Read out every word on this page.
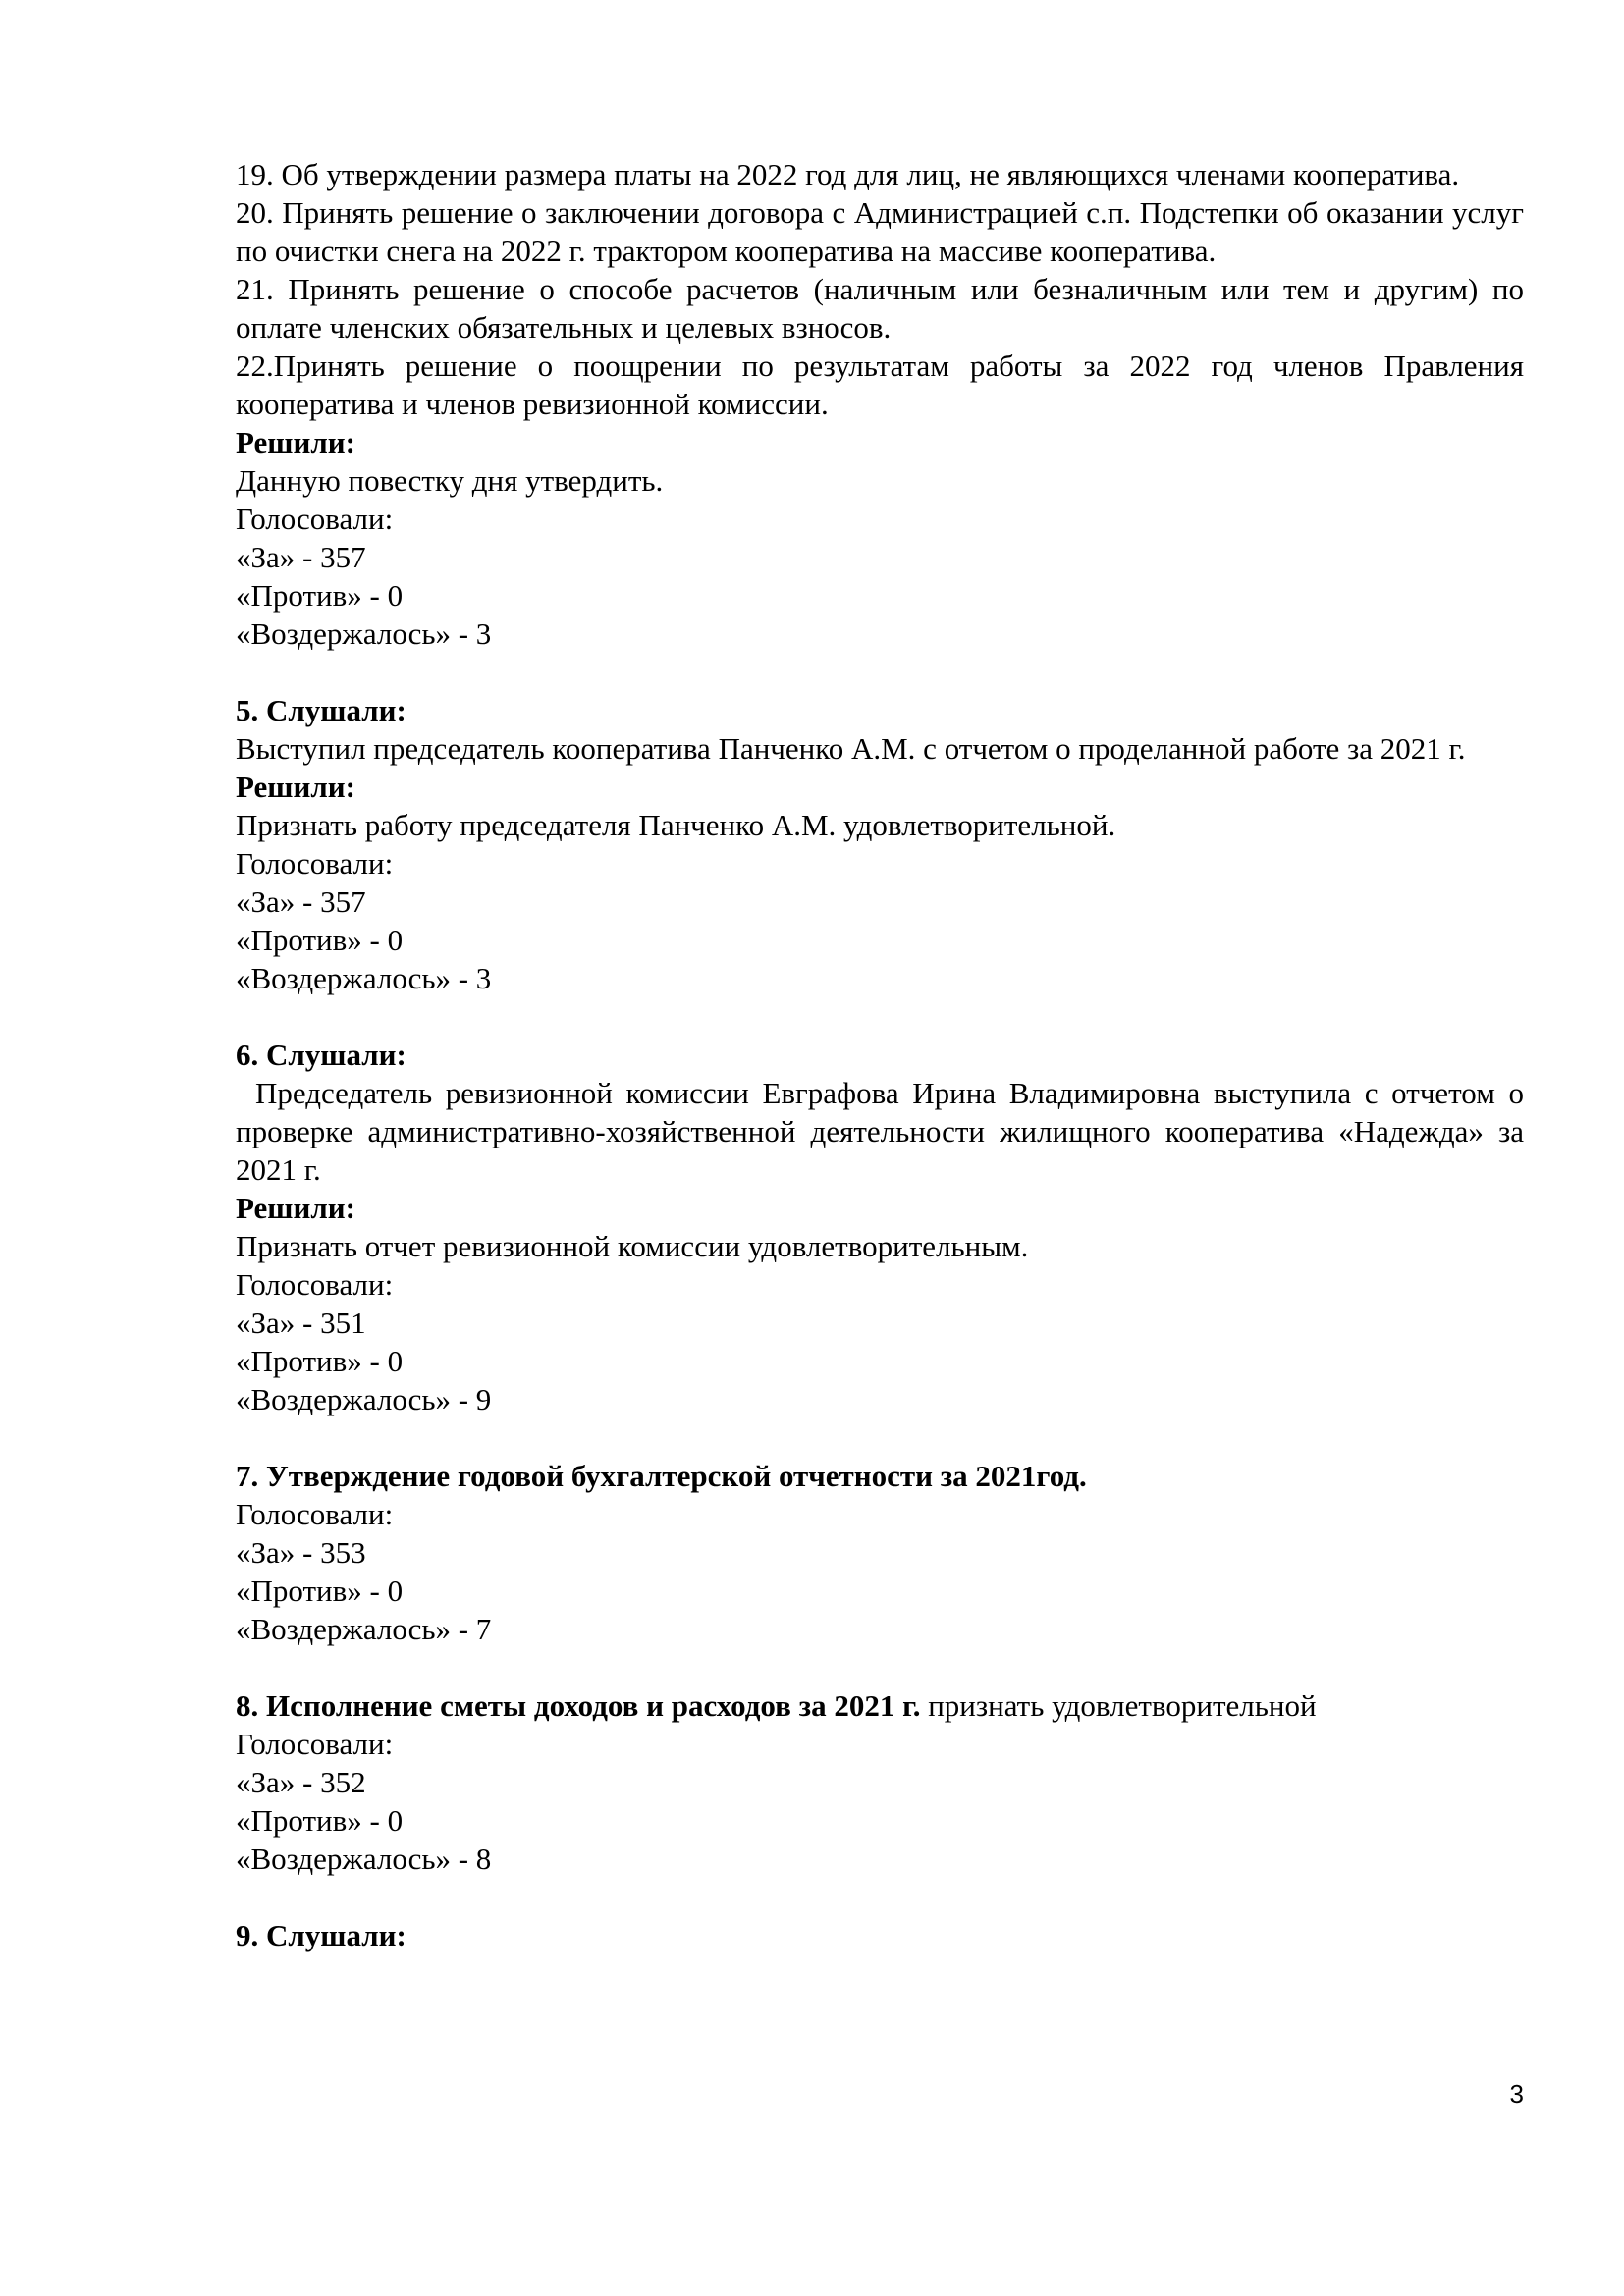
19. Об утверждении размера платы на 2022 год для лиц, не являющихся членами кооператива.

20. Принять решение о заключении договора с Администрацией с.п. Подстепки об оказании услуг по очистки снега на 2022 г. трактором кооператива на массиве кооператива.

21. Принять решение о способе расчетов (наличным или безналичным или тем и другим) по оплате членских обязательных и целевых взносов.

22.Принять решение о поощрении по результатам работы за 2022 год членов Правления кооператива и членов ревизионной комиссии.

Решили:

Данную повестку дня утвердить.

Голосовали:

«За» - 357

«Против» - 0

«Воздержалось» - 3

5. Слушали:

Выступил председатель кооператива Панченко А.М. с отчетом о проделанной работе за 2021 г.

Решили:

Признать работу председателя Панченко А.М. удовлетворительной.

Голосовали:

«За» - 357

«Против» - 0

«Воздержалось» - 3

6. Слушали:

Председатель ревизионной комиссии Евграфова Ирина Владимировна выступила с отчетом о проверке административно-хозяйственной деятельности жилищного кооператива «Надежда» за 2021 г.

Решили:

Признать отчет ревизионной комиссии удовлетворительным.

Голосовали:

«За» - 351

«Против» - 0

«Воздержалось» - 9

7. Утверждение годовой бухгалтерской отчетности за 2021год.

Голосовали:

«За» - 353

«Против» - 0

«Воздержалось» - 7

8. Исполнение сметы доходов и расходов за 2021 г. признать удовлетворительной

Голосовали:

«За» - 352

«Против» - 0

«Воздержалось» - 8

9. Слушали:

3
